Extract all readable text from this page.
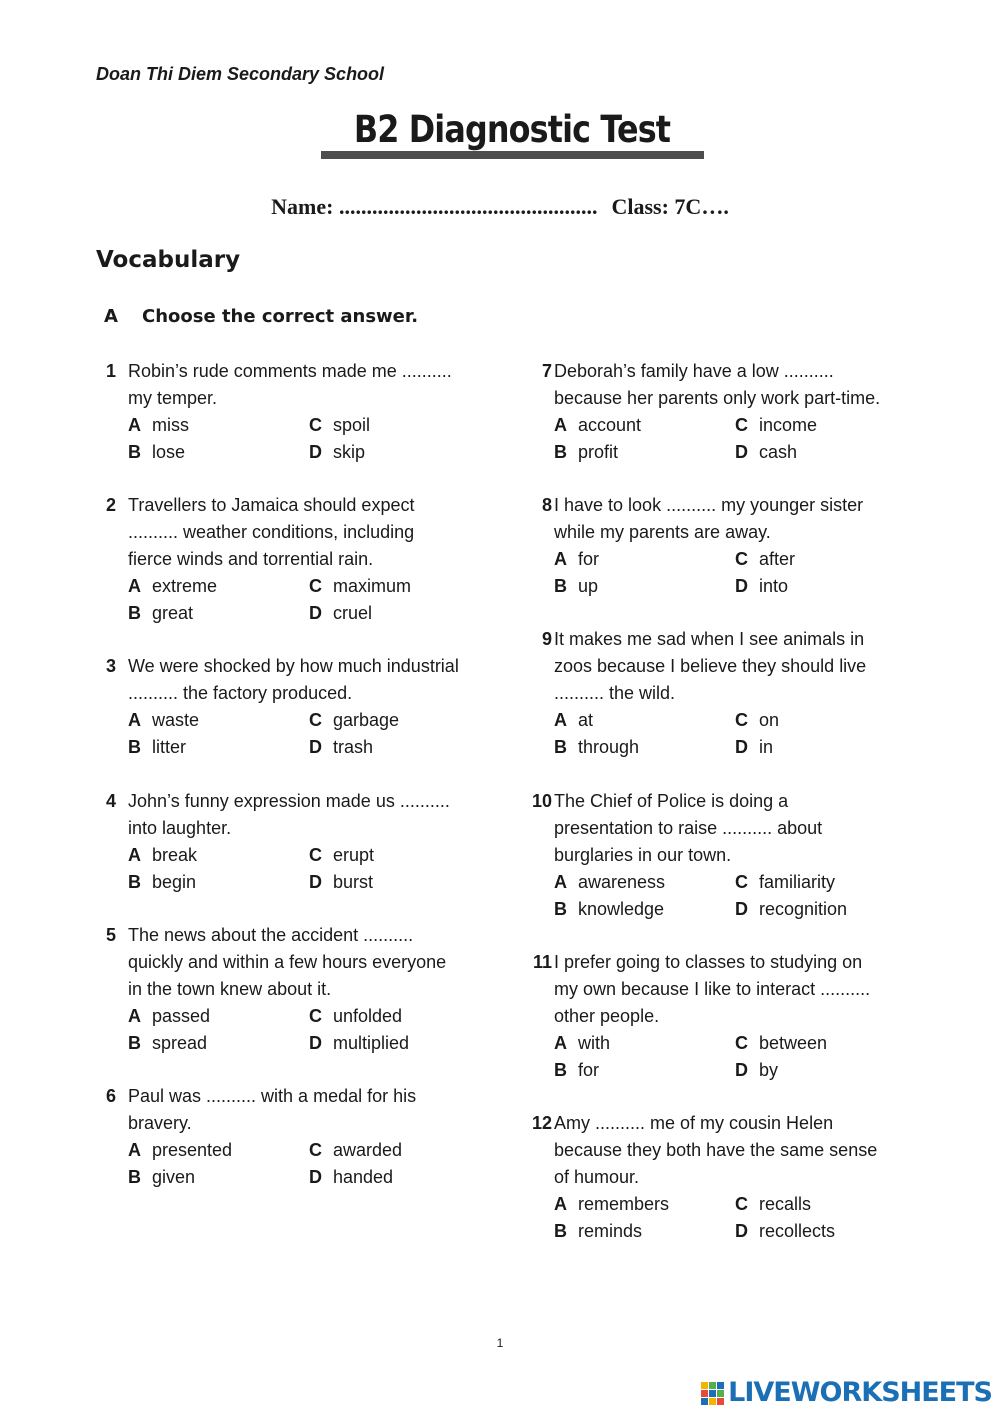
Doan Thi Diem Secondary School
B2 Diagnostic Test
Name: ............................................... Class: 7C….
Vocabulary
A Choose the correct answer.
1 Robin’s rude comments made me ..........
my temper.
A miss
B lose
C spoil
D skip
2 Travellers to Jamaica should expect
.......... weather conditions, including
fierce winds and torrential rain.
A extreme
B great
C maximum
D cruel
3 We were shocked by how much industrial
.......... the factory produced.
A waste
B litter
C garbage
D trash
4 John’s funny expression made us ..........
into laughter.
A break
B begin
C erupt
D burst
5 The news about the accident ..........
quickly and within a few hours everyone
in the town knew about it.
A passed
B spread
C unfolded
D multiplied
6 Paul was .......... with a medal for his
bravery.
A presented
B given
C awarded
D handed
7 Deborah’s family have a low ..........
because her parents only work part-time.
A account
B profit
C income
D cash
8 I have to look .......... my younger sister
while my parents are away.
A for
B up
C after
D into
9 It makes me sad when I see animals in
zoos because I believe they should live
.......... the wild.
A at
B through
C on
D in
10 The Chief of Police is doing a
presentation to raise .......... about
burglaries in our town.
A awareness
B knowledge
C familiarity
D recognition
11 I prefer going to classes to studying on
my own because I like to interact ..........
other people.
A with
B for
C between
D by
12 Amy .......... me of my cousin Helen
because they both have the same sense
of humour.
A remembers
B reminds
C recalls
D recollects
1
LIVEWORKSHEETS
